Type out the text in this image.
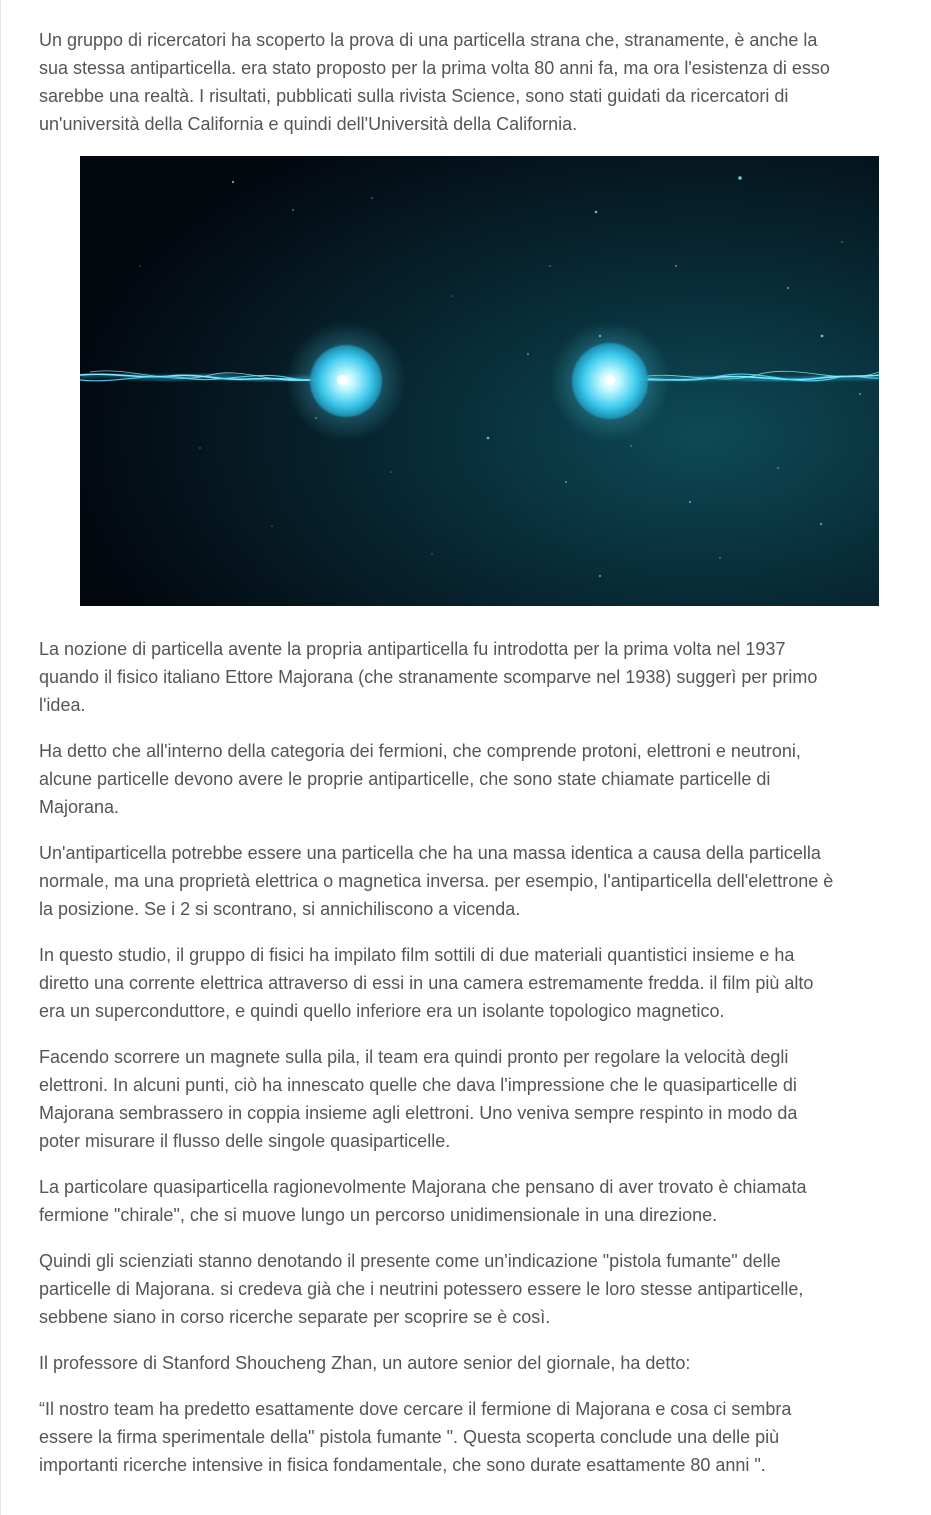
Un gruppo di ricercatori ha scoperto la prova di una particella strana che, stranamente, è anche la
sua stessa antiparticella. era stato proposto per la prima volta 80 anni fa, ma ora l'esistenza di esso
sarebbe una realtà. I risultati, pubblicati sulla rivista Science, sono stati guidati da ricercatori di
un'università della California e quindi dell'Università della California.

La nozione di particella avente la propria antiparticella fu introdotta per la prima volta nel 1937
quando il fisico italiano Ettore Majorana (che stranamente scomparve nel 1938) suggerì per primo
l'idea.

Ha detto che all'interno della categoria dei fermioni, che comprende protoni, elettroni e neutroni,
alcune particelle devono avere le proprie antiparticelle, che sono state chiamate particelle di
Majorana.

Un'antiparticella potrebbe essere una particella che ha una massa identica a causa della particella
normale, ma una proprietà elettrica o magnetica inversa. per esempio, l'antiparticella dell'elettrone è
la posizione. Se i 2 si scontrano, si annichiliscono a vicenda.

In questo studio, il gruppo di fisici ha impilato film sottili di due materiali quantistici insieme e ha
diretto una corrente elettrica attraverso di essi in una camera estremamente fredda. il film più alto
era un superconduttore, e quindi quello inferiore era un isolante topologico magnetico.

Facendo scorrere un magnete sulla pila, il team era quindi pronto per regolare la velocità degli
elettroni. In alcuni punti, ciò ha innescato quelle che dava l'impressione che le quasiparticelle di
Majorana sembrassero in coppia insieme agli elettroni. Uno veniva sempre respinto in modo da
poter misurare il flusso delle singole quasiparticelle.

La particolare quasiparticella ragionevolmente Majorana che pensano di aver trovato è chiamata
fermione "chirale", che si muove lungo un percorso unidimensionale in una direzione.

Quindi gli scienziati stanno denotando il presente come un'indicazione "pistola fumante" delle
particelle di Majorana. si credeva già che i neutrini potessero essere le loro stesse antiparticelle,
sebbene siano in corso ricerche separate per scoprire se è così.

Il professore di Stanford Shoucheng Zhan, un autore senior del giornale, ha detto:

“Il nostro team ha predetto esattamente dove cercare il fermione di Majorana e cosa ci sembra
essere la firma sperimentale della" pistola fumante ". Questa scoperta conclude una delle più
importanti ricerche intensive in fisica fondamentale, che sono durate esattamente 80 anni ".
